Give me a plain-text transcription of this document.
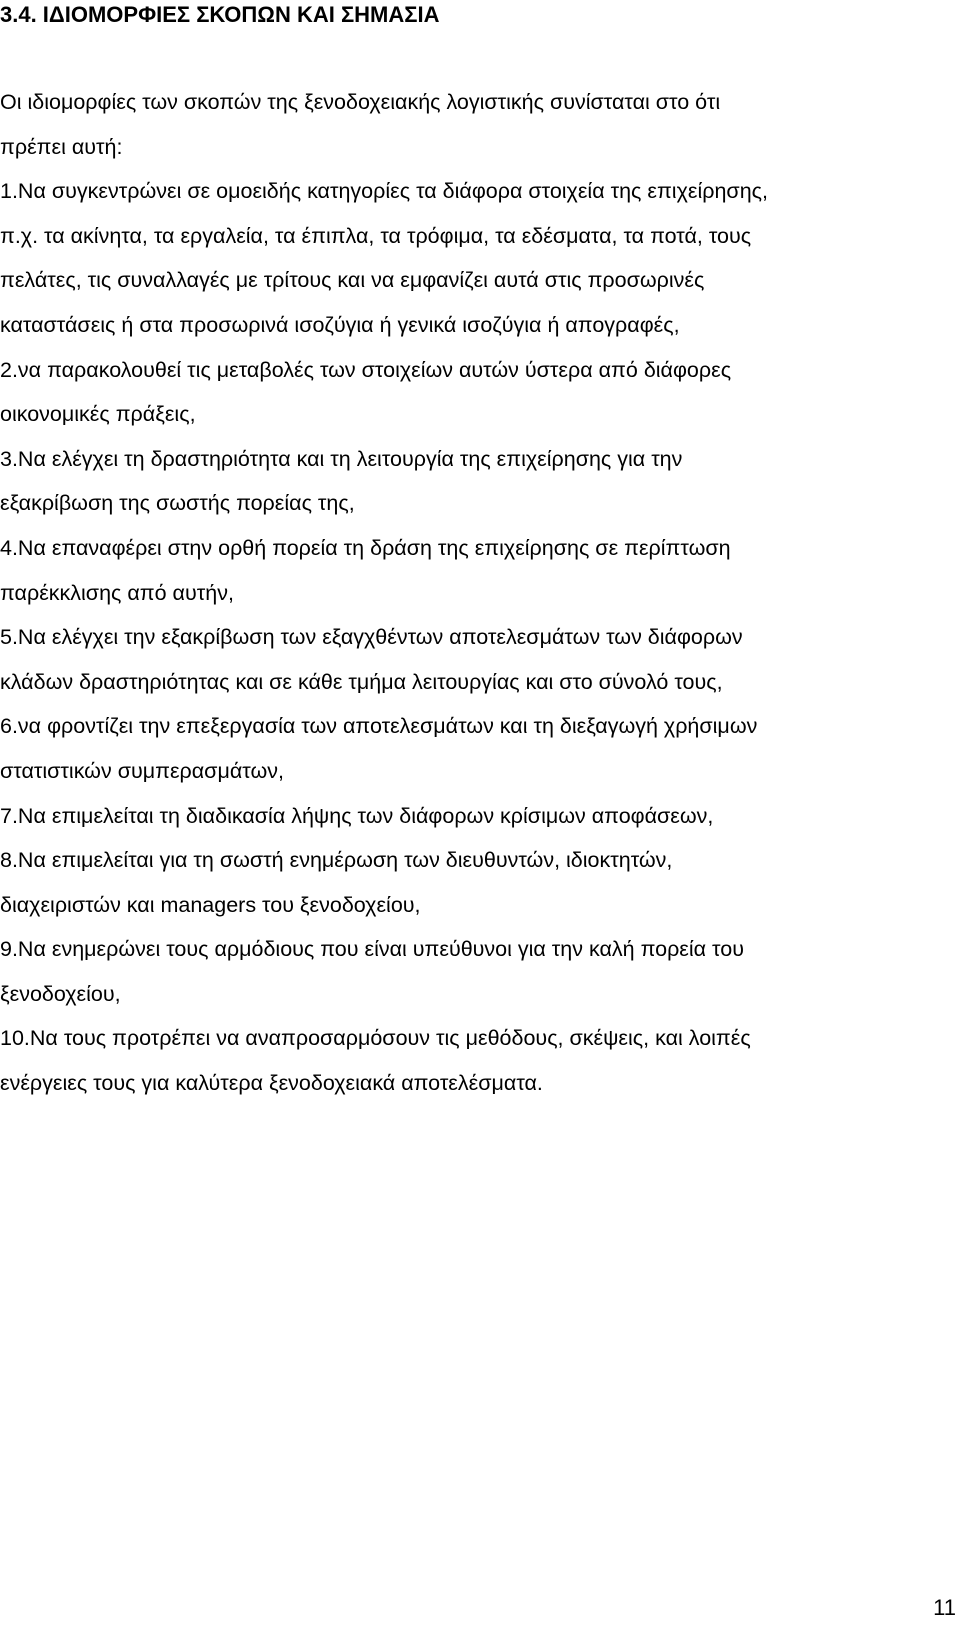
3.4. ΙΔΙΟΜΟΡΦΙΕΣ ΣΚΟΠΩΝ ΚΑΙ ΣΗΜΑΣΙΑ
Οι ιδιομορφίες των σκοπών της ξενοδοχειακής λογιστικής συνίσταται στο ότι
πρέπει αυτή:
1.Να συγκεντρώνει σε ομοειδής κατηγορίες τα διάφορα στοιχεία της επιχείρησης,
π.χ. τα ακίνητα, τα εργαλεία, τα έπιπλα, τα τρόφιμα, τα εδέσματα, τα ποτά, τους
πελάτες, τις συναλλαγές με τρίτους και να εμφανίζει αυτά στις προσωρινές
καταστάσεις ή στα προσωρινά ισοζύγια ή γενικά ισοζύγια ή απογραφές,
2.να παρακολουθεί τις μεταβολές των στοιχείων αυτών ύστερα από διάφορες
οικονομικές πράξεις,
3.Να ελέγχει τη δραστηριότητα και τη λειτουργία της επιχείρησης για την
εξακρίβωση της σωστής πορείας της,
4.Να επαναφέρει στην ορθή πορεία τη δράση της επιχείρησης σε περίπτωση
παρέκκλισης από αυτήν,
5.Να ελέγχει την εξακρίβωση των εξαγχθέντων αποτελεσμάτων των διάφορων
κλάδων δραστηριότητας και σε κάθε τμήμα λειτουργίας και στο σύνολό τους,
6.να φροντίζει την επεξεργασία των αποτελεσμάτων και τη διεξαγωγή χρήσιμων
στατιστικών συμπερασμάτων,
7.Να επιμελείται τη διαδικασία λήψης των διάφορων κρίσιμων αποφάσεων,
8.Να επιμελείται για τη σωστή ενημέρωση των διευθυντών, ιδιοκτητών,
διαχειριστών και managers του ξενοδοχείου,
9.Να ενημερώνει τους αρμόδιους που είναι υπεύθυνοι για την καλή πορεία του
ξενοδοχείου,
10.Να τους προτρέπει να αναπροσαρμόσουν τις μεθόδους, σκέψεις, και λοιπές
ενέργειες τους για καλύτερα ξενοδοχειακά αποτελέσματα.
11
